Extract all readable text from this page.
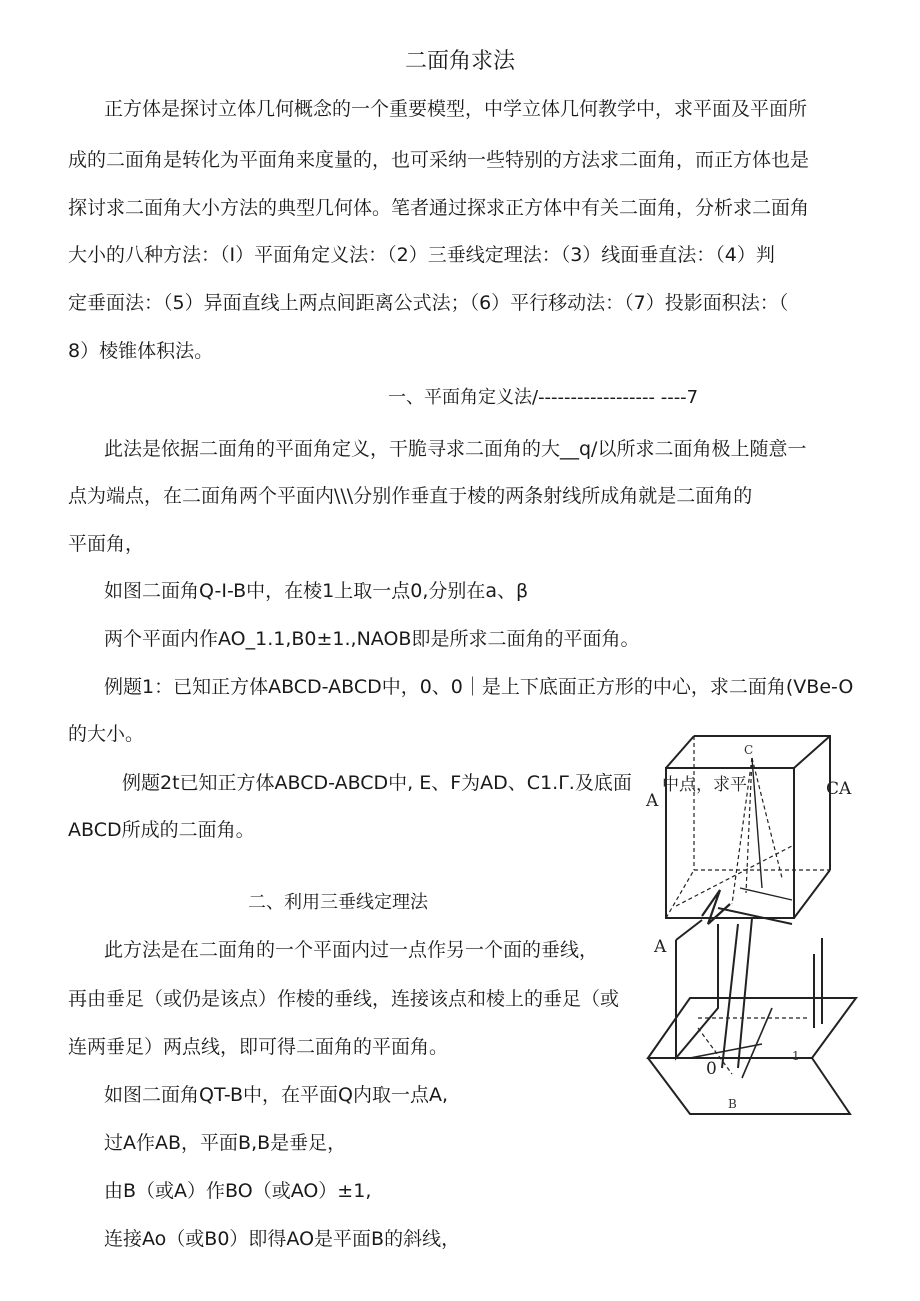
二面角求法
正方体是探讨立体几何概念的一个重要模型，中学立体几何教学中，求平面及平面所
成的二面角是转化为平面角来度量的，也可采纳一些特别的方法求二面角，而正方体也是
探讨求二面角大小方法的典型几何体。笔者通过探求正方体中有关二面角，分析求二面角
大小的八种方法：（I）平面角定义法：（2）三垂线定理法：（3）线面垂直法：（4）判
定垂面法：（5）异面直线上两点间距离公式法；（6）平行移动法：（7）投影面积法：（
8）棱锥体积法。
一、平面角定义法/------------------ ----7
此法是依据二面角的平面角定义，干脆寻求二面角的大__q/以所求二面角极上随意一
点为端点，在二面角两个平面内\\\分别作垂直于棱的两条射线所成角就是二面角的
平面角，
如图二面角Q-I-B中，在棱1上取一点0,分别在a、β
两个平面内作AO_1.1,B0±1.,NAOB即是所求二面角的平面角。
例题1：已知正方体ABCD-ABCD中，0、0｜是上下底面正方形的中心，求二面角(VBe-O
的大小。
例题2t已知正方体ABCD-ABCD中, E、F为AD、C1.Γ.及底面
ABCD所成的二面角。
二、利用三垂线定理法
此方法是在二面角的一个平面内过一点作另一个面的垂线，
再由垂足（或仍是该点）作棱的垂线，连接该点和棱上的垂足（或
连两垂足）两点线，即可得二面角的平面角。
如图二面角QT-B中，在平面Q内取一点A,
过A作AB，平面B,B是垂足，
由B（或A）作BO（或AO）±1,
连接Ao（或B0）即得AO是平面B的斜线，
A
中点，求平	CA
C
A
0
B
1
